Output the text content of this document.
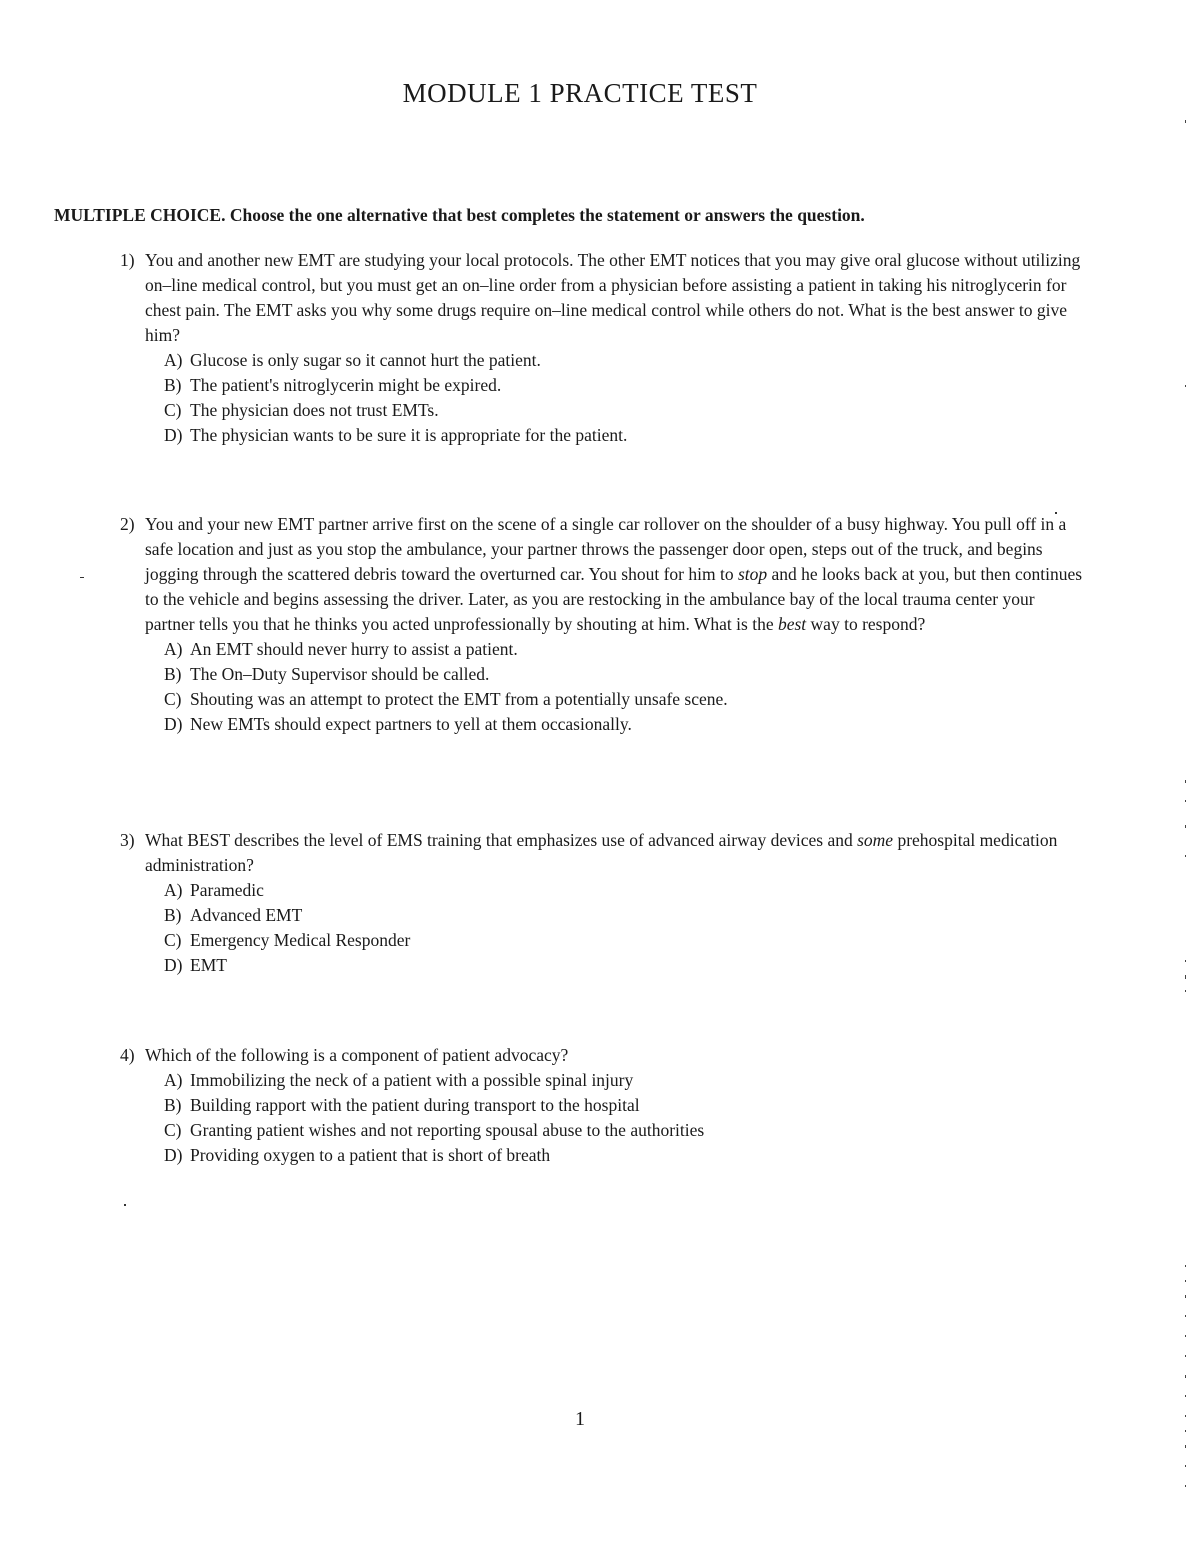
MODULE 1 PRACTICE TEST
MULTIPLE CHOICE. Choose the one alternative that best completes the statement or answers the question.
1) You and another new EMT are studying your local protocols. The other EMT notices that you may give oral glucose without utilizing on–line medical control, but you must get an on–line order from a physician before assisting a patient in taking his nitroglycerin for chest pain. The EMT asks you why some drugs require on–line medical control while others do not. What is the best answer to give him?
A) Glucose is only sugar so it cannot hurt the patient.
B) The patient's nitroglycerin might be expired.
C) The physician does not trust EMTs.
D) The physician wants to be sure it is appropriate for the patient.
2) You and your new EMT partner arrive first on the scene of a single car rollover on the shoulder of a busy highway. You pull off in a safe location and just as you stop the ambulance, your partner throws the passenger door open, steps out of the truck, and begins jogging through the scattered debris toward the overturned car. You shout for him to stop and he looks back at you, but then continues to the vehicle and begins assessing the driver. Later, as you are restocking in the ambulance bay of the local trauma center your partner tells you that he thinks you acted unprofessionally by shouting at him. What is the best way to respond?
A) An EMT should never hurry to assist a patient.
B) The On–Duty Supervisor should be called.
C) Shouting was an attempt to protect the EMT from a potentially unsafe scene.
D) New EMTs should expect partners to yell at them occasionally.
3) What BEST describes the level of EMS training that emphasizes use of advanced airway devices and some prehospital medication administration?
A) Paramedic
B) Advanced EMT
C) Emergency Medical Responder
D) EMT
4) Which of the following is a component of patient advocacy?
A) Immobilizing the neck of a patient with a possible spinal injury
B) Building rapport with the patient during transport to the hospital
C) Granting patient wishes and not reporting spousal abuse to the authorities
D) Providing oxygen to a patient that is short of breath
1
